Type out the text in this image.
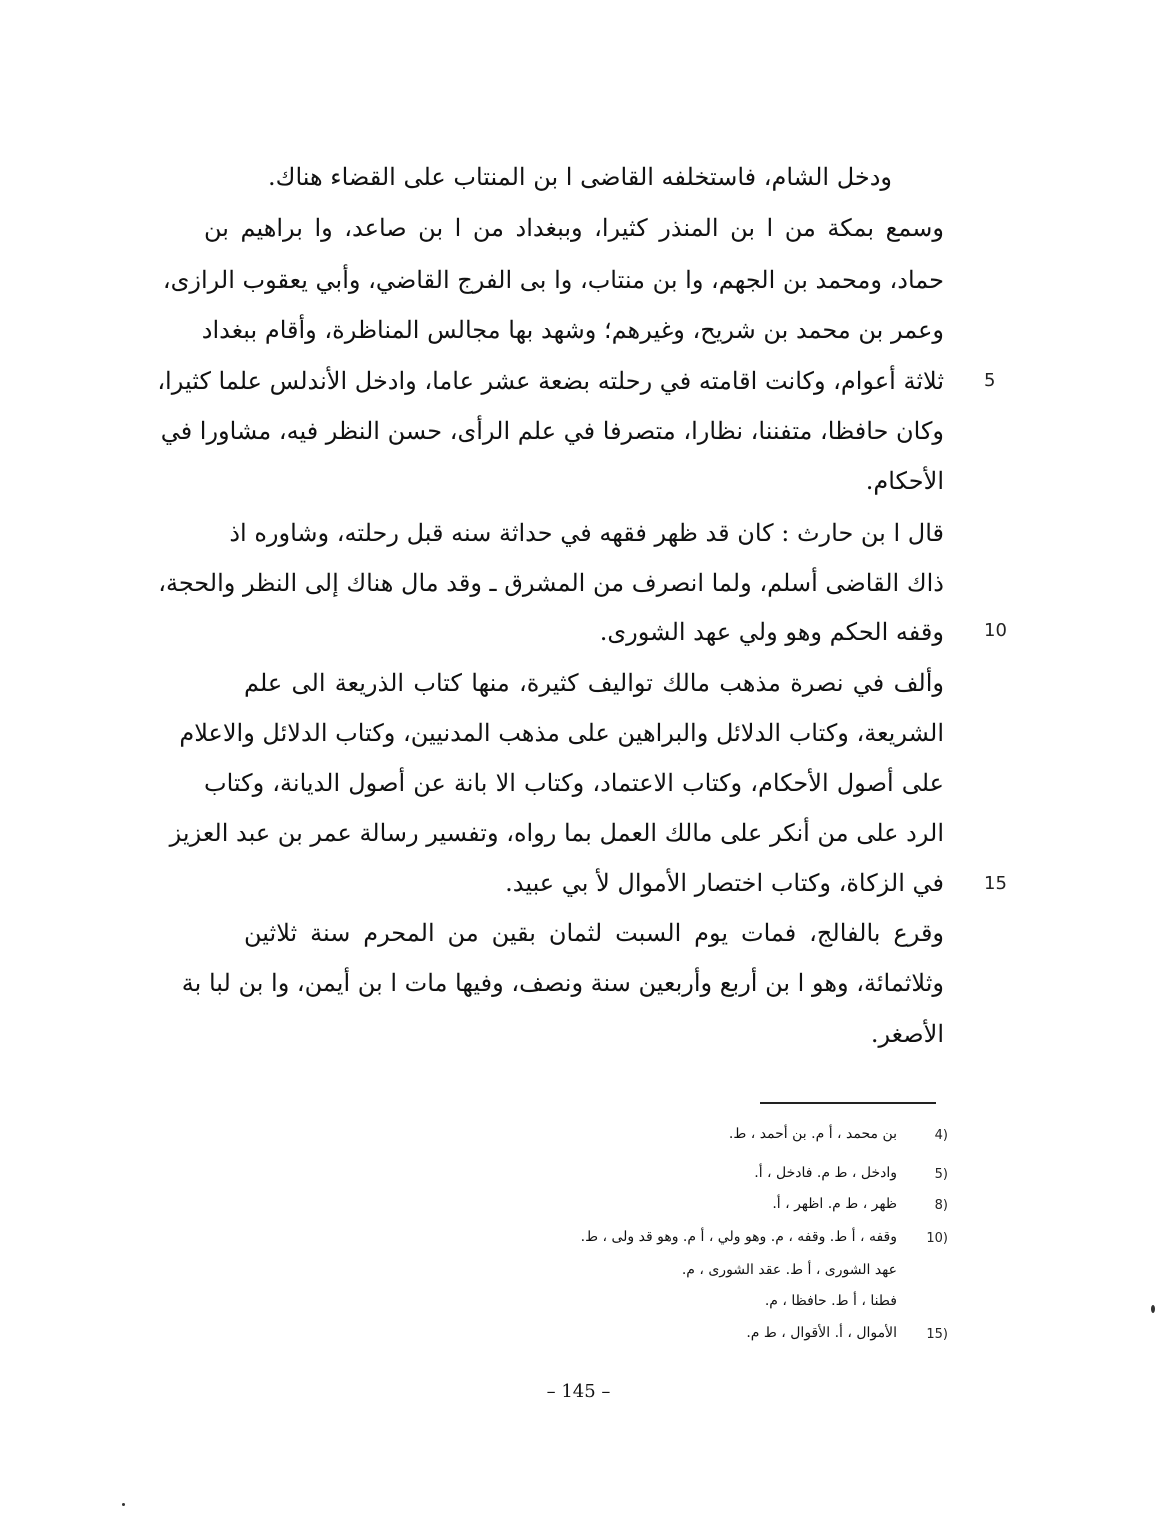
ودخل الشام، فاستخلفه القاضى ا بن المنتاب على القضاء هناك.
وسمع بمكة من ا بن المنذر كثيرا، وببغداد من ا بن صاعد، وا براهيم بن
حماد، ومحمد بن الجهم، وا بن منتاب، وا بى الفرج القاضي، وأبي يعقوب الرازى،
وعمر بن محمد بن شريح، وغيرهم؛ وشهد بها مجالس المناظرة، وأقام ببغداد
ثلاثة أعوام، وكانت اقامته في رحلته بضعة عشر عاما، وادخل الأندلس علما كثيرا،
وكان حافظا، متفننا، نظارا، متصرفا في علم الرأى، حسن النظر فيه، مشاورا في
الأحكام.
قال ا بن حارث : كان قد ظهر فقهه في حداثة سنه قبل رحلته، وشاوره اذ
ذاك القاضى أسلم، ولما انصرف من المشرق ـ وقد مال هناك إلى النظر والحجة،
وقفه الحكم وهو ولي عهد الشورى.
وألف في نصرة مذهب مالك تواليف كثيرة، منها كتاب الذريعة الى علم
الشريعة، وكتاب الدلائل والبراهين على مذهب المدنيين، وكتاب الدلائل والاعلام
على أصول الأحكام، وكتاب الاعتماد، وكتاب الا بانة عن أصول الديانة، وكتاب
الرد على من أنكر على مالك العمل بما رواه، وتفسير رسالة عمر بن عبد العزيز
في الزكاة، وكتاب اختصار الأموال لأ بي عبيد.
وقرع بالفالج، فمات يوم السبت لثمان بقين من المحرم سنة ثلاثين
وثلاثمائة، وهو ا بن أربع وأربعين سنة ونصف، وفيها مات ا بن أيمن، وا بن لبا بة
الأصغر.
5
10
15
4)
بن محمد ، أ م. بن أحمد ، ط.
5)
وادخل ، ط م. فادخل ، أ.
8)
ظهر ، ط م. اظهر ، أ.
10)
وقفه ، أ ط. وقفه ، م. وهو ولي ، أ م. وهو قد ولى ، ط.
عهد الشورى ، أ ط. عقد الشورى ، م.
فطنا ، أ ط. حافظا ، م.
15)
الأموال ، أ. الأقوال ، ط م.
– 145 –
